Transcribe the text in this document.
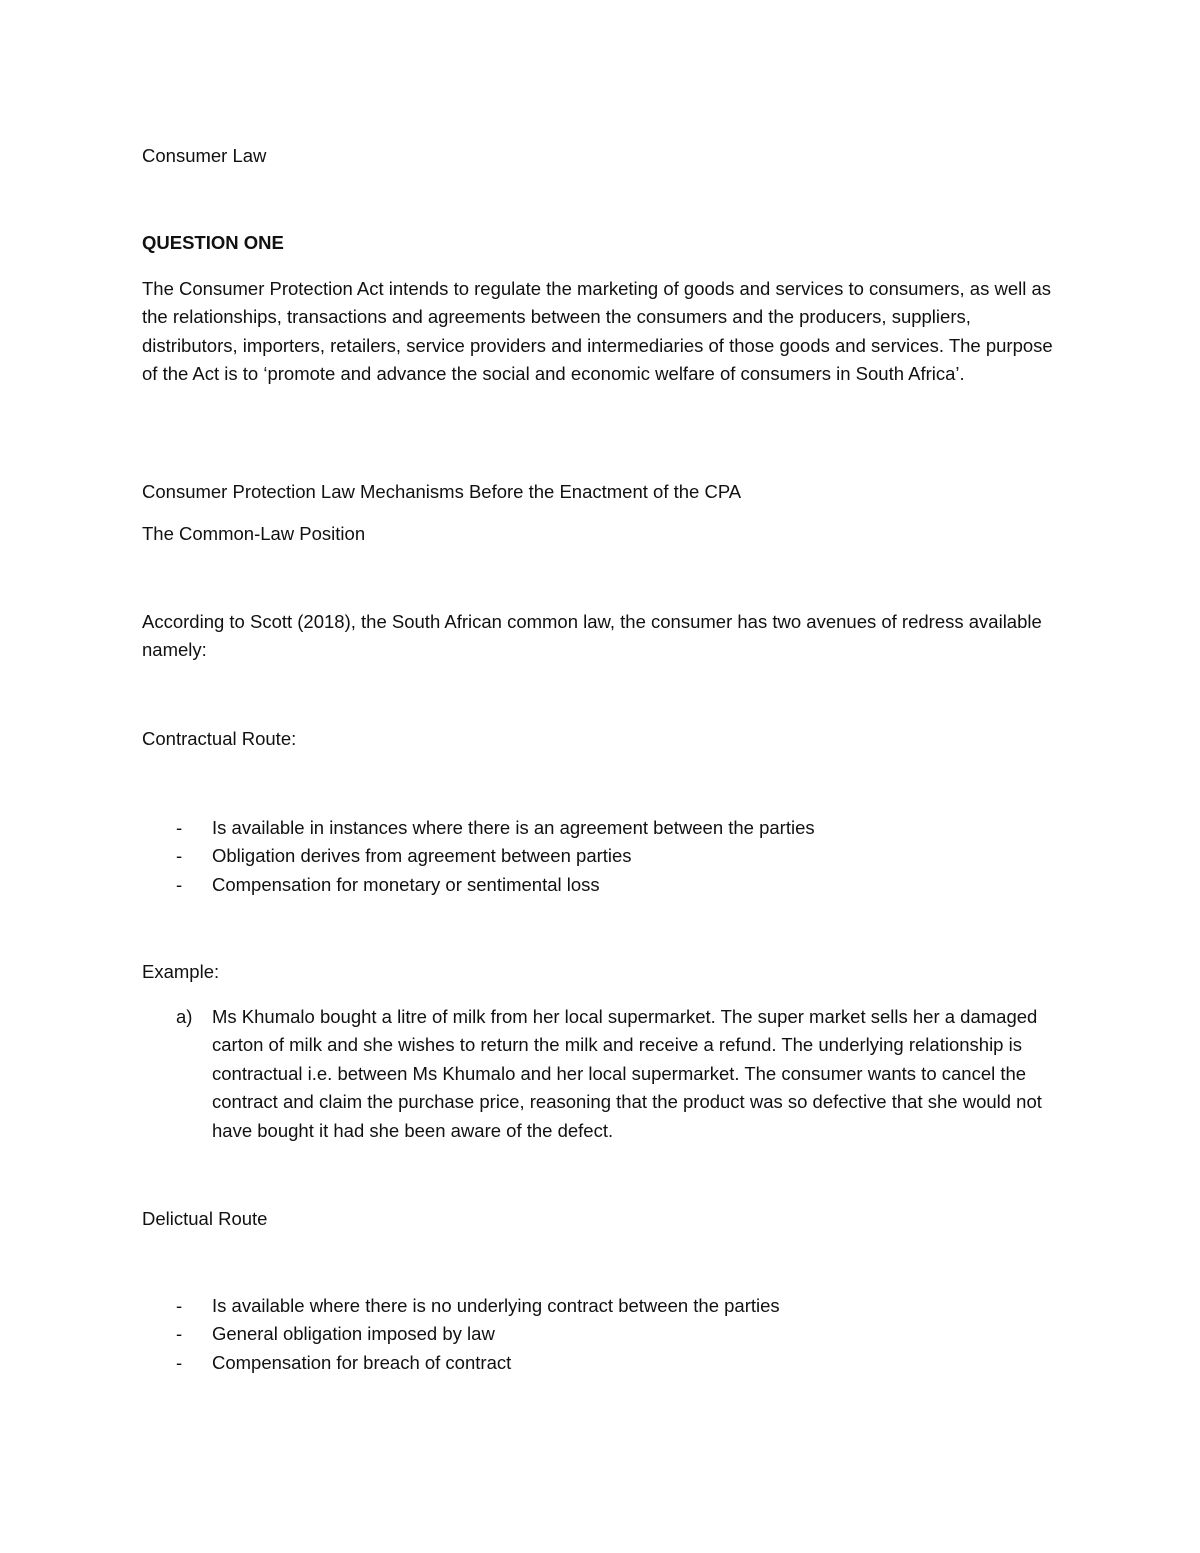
Consumer Law
QUESTION ONE

The Consumer Protection Act intends to regulate the marketing of goods and services to consumers, as well as the relationships, transactions and agreements between the consumers and the producers, suppliers, distributors, importers, retailers, service providers and intermediaries of those goods and services. The purpose of the Act is to ‘promote and advance the social and economic welfare of consumers in South Africa’.

Consumer Protection Law Mechanisms Before the Enactment of the CPA
The Common-Law Position

According to Scott (2018), the South African common law, the consumer has two avenues of redress available namely:

Contractual Route:
- Is available in instances where there is an agreement between the parties
- Obligation derives from agreement between parties
- Compensation for monetary or sentimental loss
Example:
a) Ms Khumalo bought a litre of milk from her local supermarket. The super market sells her a damaged carton of milk and she wishes to return the milk and receive a refund. The underlying relationship is contractual i.e. between Ms Khumalo and her local supermarket. The consumer wants to cancel the contract and claim the purchase price, reasoning that the product was so defective that she would not have bought it had she been aware of the defect.
Delictual Route
- Is available where there is no underlying contract between the parties
- General obligation imposed by law
- Compensation for breach of contract
